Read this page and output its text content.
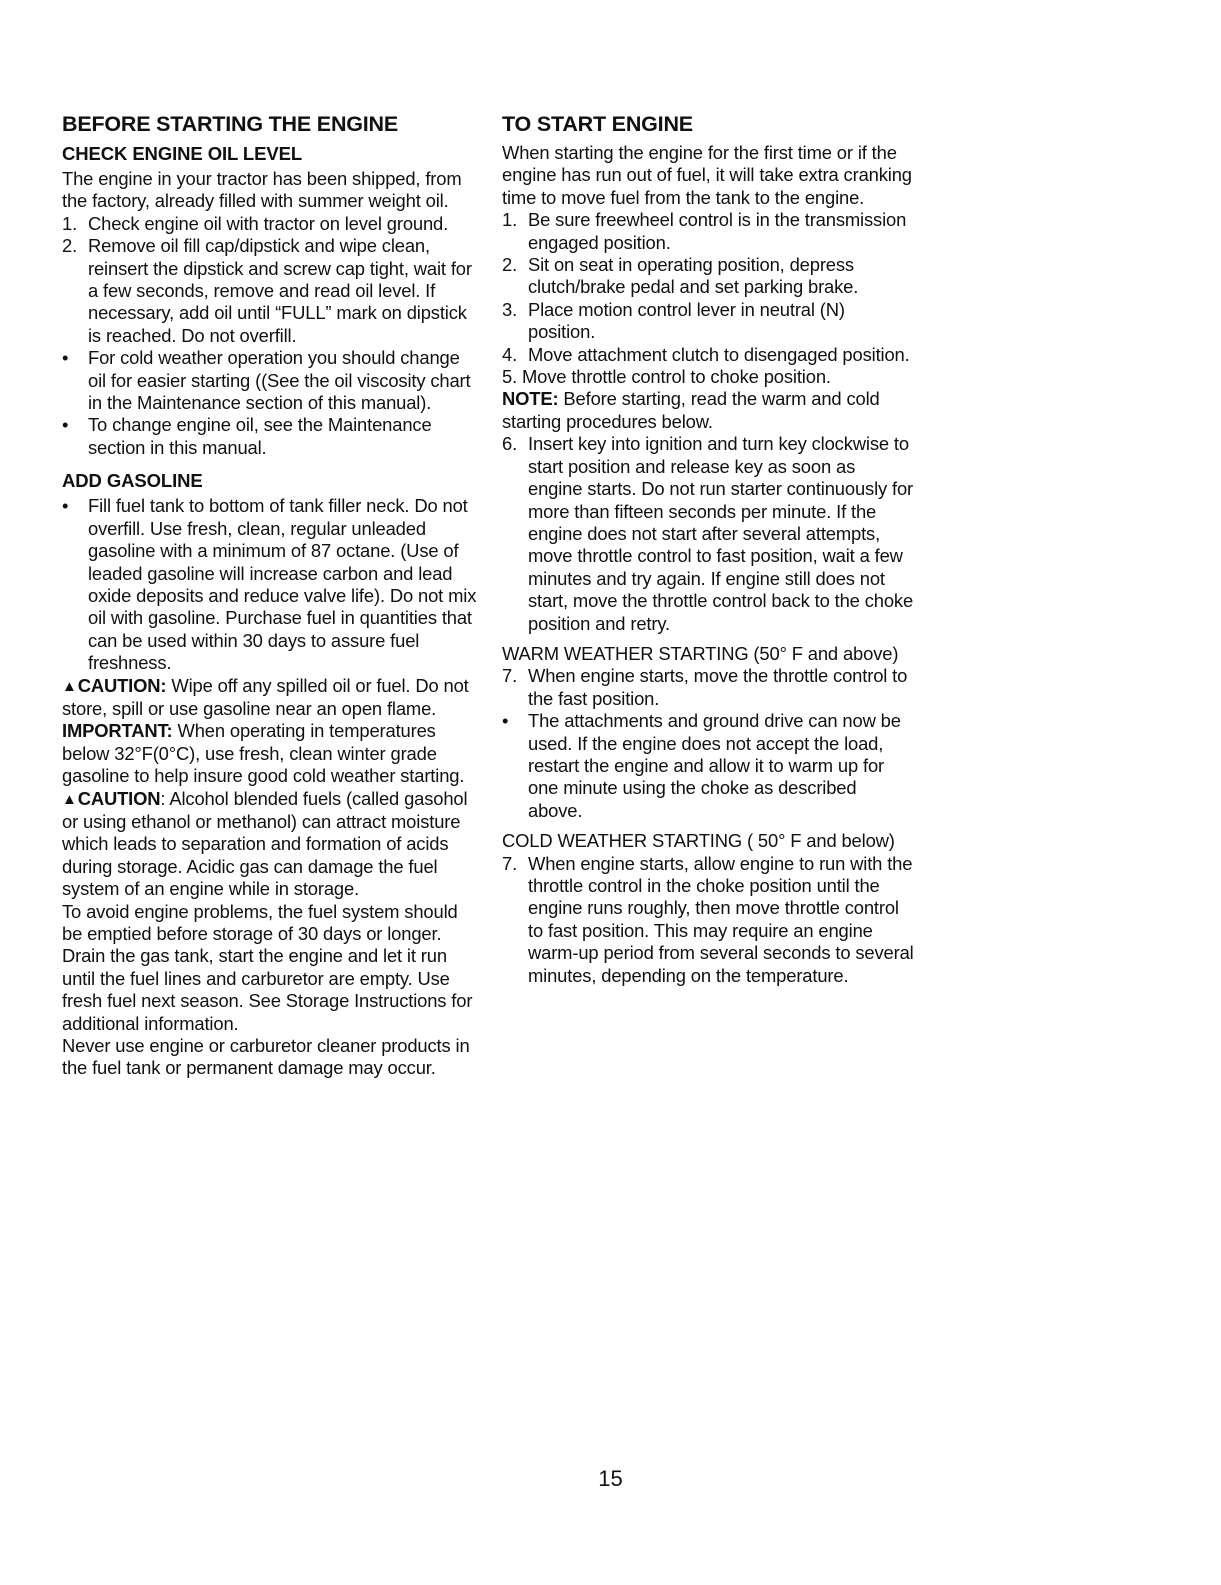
BEFORE STARTING THE ENGINE
CHECK ENGINE OIL LEVEL

The engine in your tractor has been shipped, from the factory, already filled with summer weight oil.

1. Check engine oil with tractor on level ground.
2. Remove oil fill cap/dipstick and wipe clean, reinsert the dipstick and screw cap tight, wait for a few seconds, remove and read oil level. If necessary, add oil until “FULL” mark on dipstick is reached. Do not overfill.
• For cold weather operation you should change oil for easier starting ((See the oil viscosity chart in the Maintenance section of this manual).
• To change engine oil, see the Maintenance section in this manual.
ADD GASOLINE
• Fill fuel tank to bottom of tank filler neck. Do not overfill. Use fresh, clean, regular unleaded gasoline with a minimum of 87 octane. (Use of leaded gasoline will increase carbon and lead oxide deposits and reduce valve life). Do not mix oil with gasoline. Purchase fuel in quantities that can be used within 30 days to assure fuel freshness.

▲CAUTION: Wipe off any spilled oil or fuel. Do not store, spill or use gasoline near an open flame.

IMPORTANT: When operating in temperatures below 32°F(0°C), use fresh, clean winter grade gasoline to help insure good cold weather starting.

▲CAUTION: Alcohol blended fuels (called gasohol or using ethanol or methanol) can attract moisture which leads to separation and formation of acids during storage. Acidic gas can damage the fuel system of an engine while in storage.

To avoid engine problems, the fuel system should be emptied before storage of 30 days or longer. Drain the gas tank, start the engine and let it run until the fuel lines and carburetor are empty. Use fresh fuel next season. See Storage Instructions for additional information.

Never use engine or carburetor cleaner products in the fuel tank or permanent damage may occur.

TO START ENGINE

When starting the engine for the first time or if the engine has run out of fuel, it will take extra cranking time to move fuel from the tank to the engine.

1. Be sure freewheel control is in the transmission engaged position.
2. Sit on seat in operating position, depress clutch/brake pedal and set parking brake.
3. Place motion control lever in neutral (N) position.
4. Move attachment clutch to disengaged position.
5. Move throttle control to choke position.

NOTE: Before starting, read the warm and cold starting procedures below.

6. Insert key into ignition and turn key clockwise to start position and release key as soon as engine starts. Do not run starter continuously for more than fifteen seconds per minute. If the engine does not start after several attempts, move throttle control to fast position, wait a few minutes and try again. If engine still does not start, move the throttle control back to the choke position and retry.

WARM WEATHER STARTING (50° F and above)

7. When engine starts, move the throttle control to the fast position.
• The attachments and ground drive can now be used. If the engine does not accept the load, restart the engine and allow it to warm up for one minute using the choke as described above.

COLD WEATHER STARTING ( 50° F and below)

7. When engine starts, allow engine to run with the throttle control in the choke position until the engine runs roughly, then move throttle control to fast position. This may require an engine warm-up period from several seconds to several minutes, depending on the temperature.
15
